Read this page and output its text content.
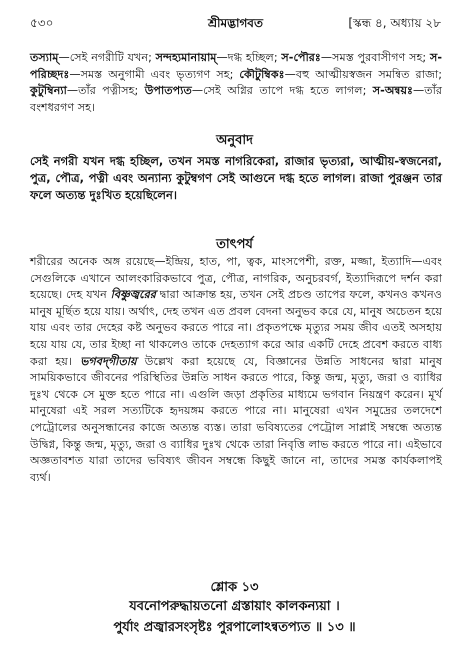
৫৩০	শ্রীমদ্ভাগবত	[স্কন্ধ ৪, অধ্যায় ২৮
তস্যাম্—সেই নগরীটি যখন; সন্দহ্যমানায়াম্—দগ্ধ হচ্ছিল; স-পৌরঃ—সমস্ত পুরবাসীগণ সহ; স-পরিচ্ছদঃ—সমস্ত অনুগামী এবং ভৃত্যগণ সহ; কৌটুম্বিকঃ—বহু আত্মীয়স্বজন সমন্বিত রাজা; কুটুম্বিন্যা—তাঁর পত্নীসহ; উপাতপ্যত—সেই অগ্নির তাপে দগ্ধ হতে লাগল; স-অন্বয়ঃ—তাঁর বংশধরগণ সহ।
অনুবাদ
সেই নগরী যখন দগ্ধ হচ্ছিল, তখন সমস্ত নাগরিকেরা, রাজার ভৃত্যরা, আত্মীয়-স্বজনেরা, পুত্র, পৌত্র, পত্নী এবং অন্যান্য কুটুম্বগণ সেই আগুনে দগ্ধ হতে লাগল। রাজা পুরঞ্জন তার ফলে অত্যন্ত দুঃখিত হয়েছিলেন।
তাৎপর্য
শরীরের অনেক অঙ্গ রয়েছে—ইন্দ্রিয়, হাত, পা, ত্বক, মাংসপেশী, রক্ত, মজ্জা, ইত্যাদি—এবং সেগুলিকে এখানে আলংকারিকভাবে পুত্র, পৌত্র, নাগরিক, অনুচরবর্গ, ইত্যাদিরূপে দর্শন করা হয়েছে। দেহ যখন বিষ্ণুজ্বরের দ্বারা আক্রান্ত হয়, তখন সেই প্রচণ্ড তাপের ফলে, কখনও কখনও মানুষ মূর্ছিত হয়ে যায়। অর্থাৎ, দেহ তখন এত প্রবল বেদনা অনুভব করে যে, মানুষ অচেতন হয়ে যায় এবং তার দেহের কষ্ট অনুভব করতে পারে না। প্রকৃতপক্ষে মৃত্যুর সময় জীব এতই অসহায় হয়ে যায় যে, তার ইচ্ছা না থাকলেও তাকে দেহত্যাগ করে আর একটি দেহে প্রবেশ করতে বাধ্য করা হয়। ভগবদ্‌গীতায় উল্লেখ করা হয়েছে যে, বিজ্ঞানের উন্নতি সাধনের দ্বারা মানুষ সাময়িকভাবে জীবনের পরিস্থিতির উন্নতি সাধন করতে পারে, কিন্তু জন্ম, মৃত্যু, জরা ও ব্যাধির দুঃখ থেকে সে মুক্ত হতে পারে না। এগুলি জড়া প্রকৃতির মাধ্যমে ভগবান নিয়ন্ত্রণ করেন। মূর্খ মানুষেরা এই সরল সত্যটিকে হৃদয়ঙ্গম করতে পারে না। মানুষেরা এখন সমুদ্রের তলদেশে পেট্রোলের অনুসন্ধানের কাজে অত্যন্ত ব্যস্ত। তারা ভবিষ্যতের পেট্রোল সাপ্লাই সম্বন্ধে অত্যন্ত উদ্বিগ্ন, কিন্তু জন্ম, মৃত্যু, জরা ও ব্যাধির দুঃখ থেকে তারা নিবৃত্তি লাভ করতে পারে না। এইভাবে অজ্ঞতাবশত যারা তাদের ভবিষ্যৎ জীবন সম্বন্ধে কিছুই জানে না, তাদের সমস্ত কার্যকলাপই ব্যর্থ।
শ্লোক ১৩
যবনোপরুদ্ধায়তনো গ্রস্তায়াং কালকন্যয়া ।
পুর্যাং প্রজ্বারসংসৃষ্টঃ পুরপালোঽন্বতপ্যত ॥ ১৩ ॥
